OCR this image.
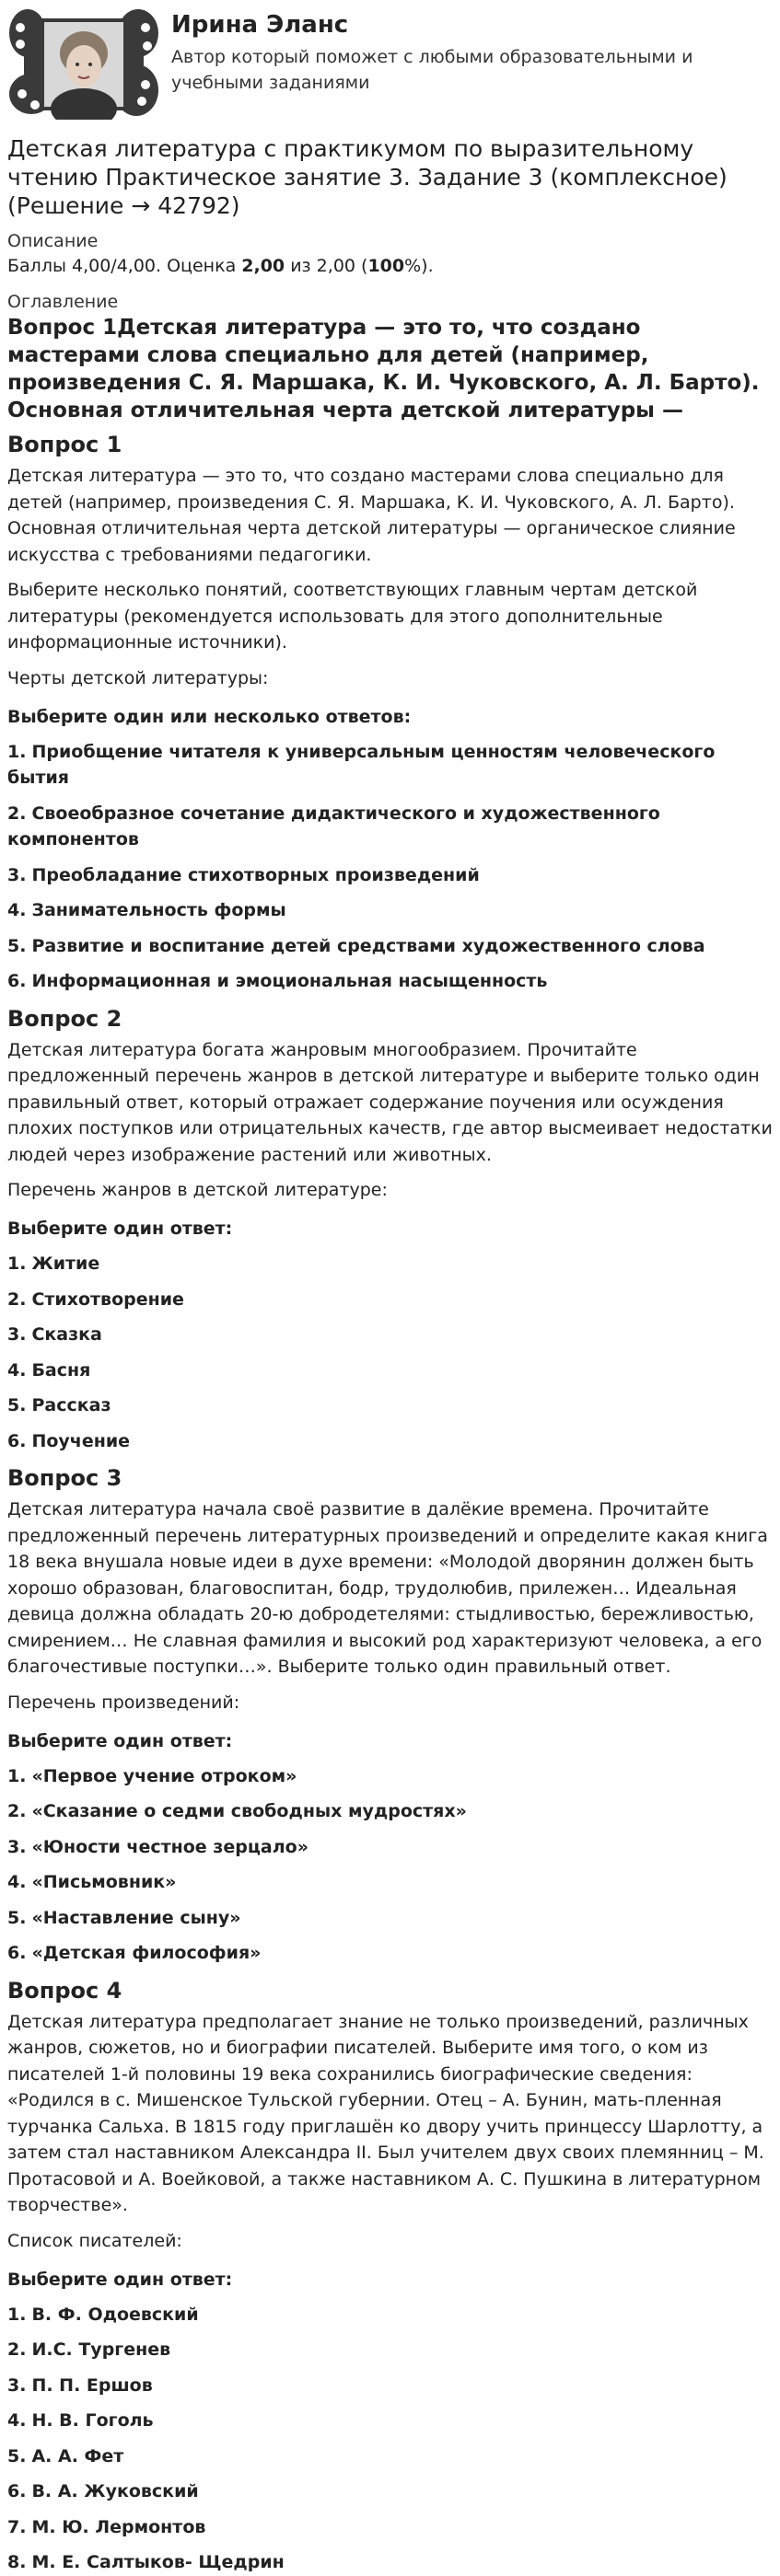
Ирина Эланс
Автор который поможет с любыми образовательными и учебными заданиями
Детская литература с практикумом по выразительному чтению Практическое занятие 3. Задание 3 (комплексное) (Решение → 42792)
Описание
Баллы 4,00/4,00. Оценка 2,00 из 2,00 (100%).
Оглавление
Вопрос 1Детская литература — это то, что создано мастерами слова специально для детей (например, произведения С. Я. Маршака, К. И. Чуковского, А. Л. Барто). Основная отличительная черта детской литературы —
Вопрос 1

Детская литература — это то, что создано мастерами слова специально для детей (например, произведения С. Я. Маршака, К. И. Чуковского, А. Л. Барто). Основная отличительная черта детской литературы — органическое слияние искусства с требованиями педагогики.

Выберите несколько понятий, соответствующих главным чертам детской литературы (рекомендуется использовать для этого дополнительные информационные источники).

Черты детской литературы:
Выберите один или несколько ответов:
1. Приобщение читателя к универсальным ценностям человеческого бытия
2. Своеобразное сочетание дидактического и художественного компонентов
3. Преобладание стихотворных произведений
4. Занимательность формы
5. Развитие и воспитание детей средствами художественного слова
6. Информационная и эмоциональная насыщенность
Вопрос 2

Детская литература богата жанровым многообразием. Прочитайте предложенный перечень жанров в детской литературе и выберите только один правильный ответ, который отражает содержание поучения или осуждения плохих поступков или отрицательных качеств, где автор высмеивает недостатки людей через изображение растений или животных.

Перечень жанров в детской литературе:
Выберите один ответ:
1. Житие
2. Стихотворение
3. Сказка
4. Басня
5. Рассказ
6. Поучение
Вопрос 3

Детская литература начала своё развитие в далёкие времена. Прочитайте предложенный перечень литературных произведений и определите какая книга 18 века внушала новые идеи в духе времени: «Молодой дворянин должен быть хорошо образован, благовоспитан, бодр, трудолюбив, прилежен… Идеальная девица должна обладать 20-ю добродетелями: стыдливостью, бережливостью, смирением… Не славная фамилия и высокий род характеризуют человека, а его благочестивые поступки…». Выберите только один правильный ответ.

Перечень произведений:
Выберите один ответ:
1. «Первое учение отроком»
2. «Сказание о седми свободных мудростях»
3. «Юности честное зерцало»
4. «Письмовник»
5. «Наставление сыну»
6. «Детская философия»
Вопрос 4

Детская литература предполагает знание не только произведений, различных жанров, сюжетов, но и биографии писателей. Выберите имя того, о ком из писателей 1-й половины 19 века сохранились биографические сведения: «Родился в с. Мишенское Тульской губернии. Отец – А. Бунин, мать-пленная турчанка Сальха. В 1815 году приглашён ко двору учить принцессу Шарлотту, а затем стал наставником Александра II. Был учителем двух своих племянниц – М. Протасовой и А. Воейковой, а также наставником А. С. Пушкина в литературном творчестве».

Список писателей:
Выберите один ответ:
1. В. Ф. Одоевский
2. И.С. Тургенев
3. П. П. Ершов
4. Н. В. Гоголь
5. А. А. Фет
6. В. А. Жуковский
7. М. Ю. Лермонтов
8. М. Е. Салтыков- Щедрин
